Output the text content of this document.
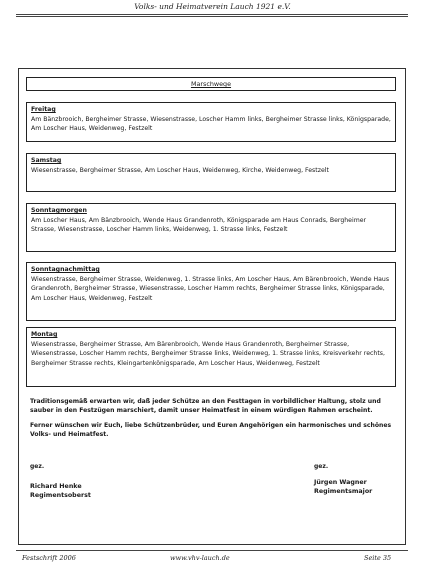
Volks- und Heimatverein Lauch 1921 e.V.
Marschwege
Freitag
Am Bänzbrooich, Bergheimer Strasse, Wiesenstrasse, Loscher Hamm links, Bergheimer Strasse links, Königsparade, Am Loscher Haus, Weidenweg, Festzelt
Samstag
Wiesenstrasse, Bergheimer Strasse, Am Loscher Haus, Weidenweg, Kirche, Weidenweg, Festzelt
Sonntagmorgen
Am Loscher Haus, Am Bänzbrooich, Wende Haus Grandenroth, Königsparade am Haus Conrads, Bergheimer Strasse, Wiesenstrasse, Loscher Hamm links, Weidenweg, 1. Strasse links, Festzelt
Sonntagnachmittag
Wiesenstrasse, Bergheimer Strasse, Weidenweg, 1. Strasse links, Am Loscher Haus, Am Bärenbrooich, Wende Haus Grandenroth, Bergheimer Strasse, Wiesenstrasse, Loscher Hamm rechts, Bergheimer Strasse links, Königsparade, Am Loscher Haus, Weidenweg, Festzelt
Montag
Wiesenstrasse, Bergheimer Strasse, Am Bärenbrooich, Wende Haus Grandenroth, Bergheimer Strasse, Wiesenstrasse, Loscher Hamm rechts, Bergheimer Strasse links, Weidenweg, 1. Strasse links, Kreisverkehr rechts, Bergheimer Strasse rechts, Kleingartenkönigsparade, Am Loscher Haus, Weidenweg, Festzelt

Traditionsgemäß erwarten wir, daß jeder Schütze an den Festtagen in vorbildlicher Haltung, stolz und sauber in den Festzügen marschiert, damit unser Heimatfest in einem würdigen Rahmen erscheint.

Ferner wünschen wir Euch, liebe Schützenbrüder, und Euren Angehörigen ein harmonisches und schönes Volks- und Heimatfest.

gez.	gez.
Richard Henke
Regimentsoberst
Jürgen Wagner
Regimentsmajor
Festschrift 2006	www.vhv-lauch.de	Seite 35
